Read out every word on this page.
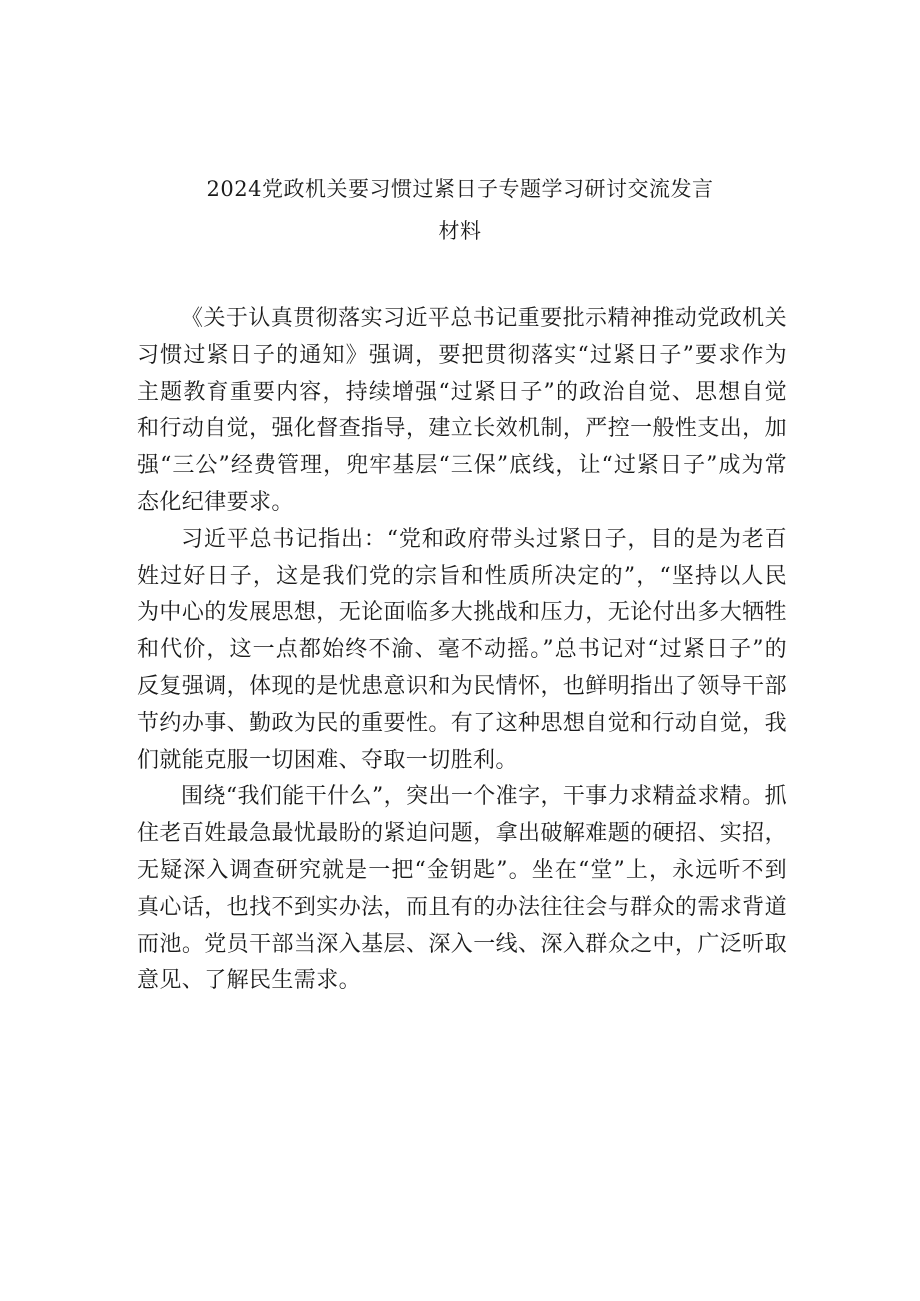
2024党政机关要习惯过紧日子专题学习研讨交流发言
材料

《关于认真贯彻落实习近平总书记重要批示精神推动党政机关习惯过紧日子的通知》强调，要把贯彻落实“过紧日子”要求作为主题教育重要内容，持续增强“过紧日子”的政治自觉、思想自觉和行动自觉，强化督查指导，建立长效机制，严控一般性支出，加强“三公”经费管理，兜牢基层“三保”底线，让“过紧日子”成为常态化纪律要求。

习近平总书记指出：“党和政府带头过紧日子，目的是为老百姓过好日子，这是我们党的宗旨和性质所决定的”，“坚持以人民为中心的发展思想，无论面临多大挑战和压力，无论付出多大牺牲和代价，这一点都始终不渝、毫不动摇。”总书记对“过紧日子”的反复强调，体现的是忧患意识和为民情怀，也鲜明指出了领导干部节约办事、勤政为民的重要性。有了这种思想自觉和行动自觉，我们就能克服一切困难、夺取一切胜利。

围绕“我们能干什么”，突出一个准字，干事力求精益求精。抓住老百姓最急最忧最盼的紧迫问题，拿出破解难题的硬招、实招，无疑深入调查研究就是一把“金钥匙”。坐在“堂”上，永远听不到真心话，也找不到实办法，而且有的办法往往会与群众的需求背道而池。党员干部当深入基层、深入一线、深入群众之中，广泛听取意见、了解民生需求。
